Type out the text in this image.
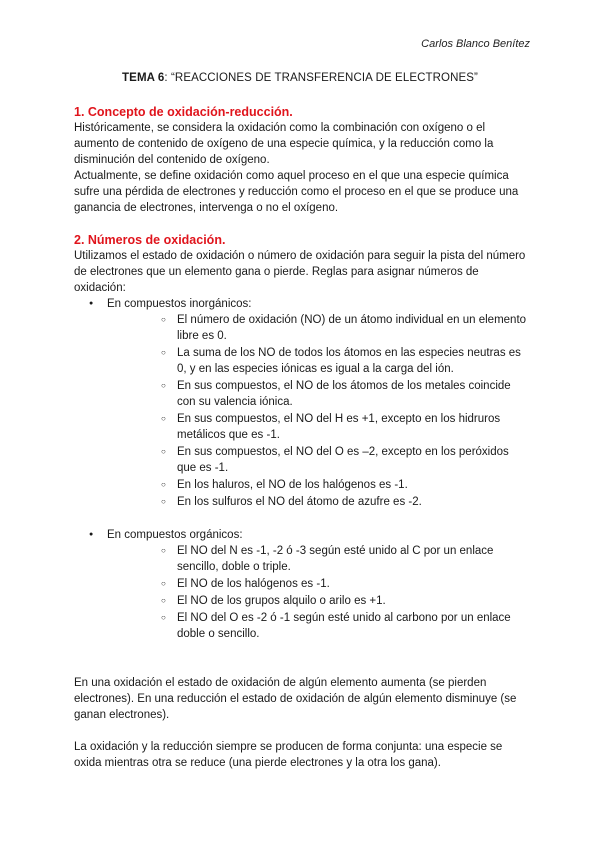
Carlos Blanco Benítez
TEMA 6: “REACCIONES DE TRANSFERENCIA DE ELECTRONES”
1. Concepto de oxidación-reducción.

Históricamente, se considera la oxidación como la combinación con oxígeno o el aumento de contenido de oxígeno de una especie química, y la reducción como la disminución del contenido de oxígeno.

Actualmente, se define oxidación como aquel proceso en el que una especie química sufre una pérdida de electrones y reducción como el proceso en el que se produce una ganancia de electrones, intervenga o no el oxígeno.

2. Números de oxidación.

Utilizamos el estado de oxidación o número de oxidación para seguir la pista del número de electrones que un elemento gana o pierde. Reglas para asignar números de oxidación:

● En compuestos inorgánicos:
○ El número de oxidación (NO) de un átomo individual en un elemento libre es 0.
○ La suma de los NO de todos los átomos en las especies neutras es 0, y en las especies iónicas es igual a la carga del ión.
○ En sus compuestos, el NO de los átomos de los metales coincide con su valencia iónica.
○ En sus compuestos, el NO del H es +1, excepto en los hidruros metálicos que es -1.
○ En sus compuestos, el NO del O es –2, excepto en los peróxidos que es -1.
○ En los haluros, el NO de los halógenos es -1.
○ En los sulfuros el NO del átomo de azufre es -2.
● En compuestos orgánicos:
○ El NO del N es -1, -2 ó -3 según esté unido al C por un enlace sencillo, doble o triple.
○ El NO de los halógenos es -1.
○ El NO de los grupos alquilo o arilo es +1.
○ El NO del O es -2 ó -1 según esté unido al carbono por un enlace doble o sencillo.

En una oxidación el estado de oxidación de algún elemento aumenta (se pierden electrones). En una reducción el estado de oxidación de algún elemento disminuye (se ganan electrones).

La oxidación y la reducción siempre se producen de forma conjunta: una especie se oxida mientras otra se reduce (una pierde electrones y la otra los gana).
